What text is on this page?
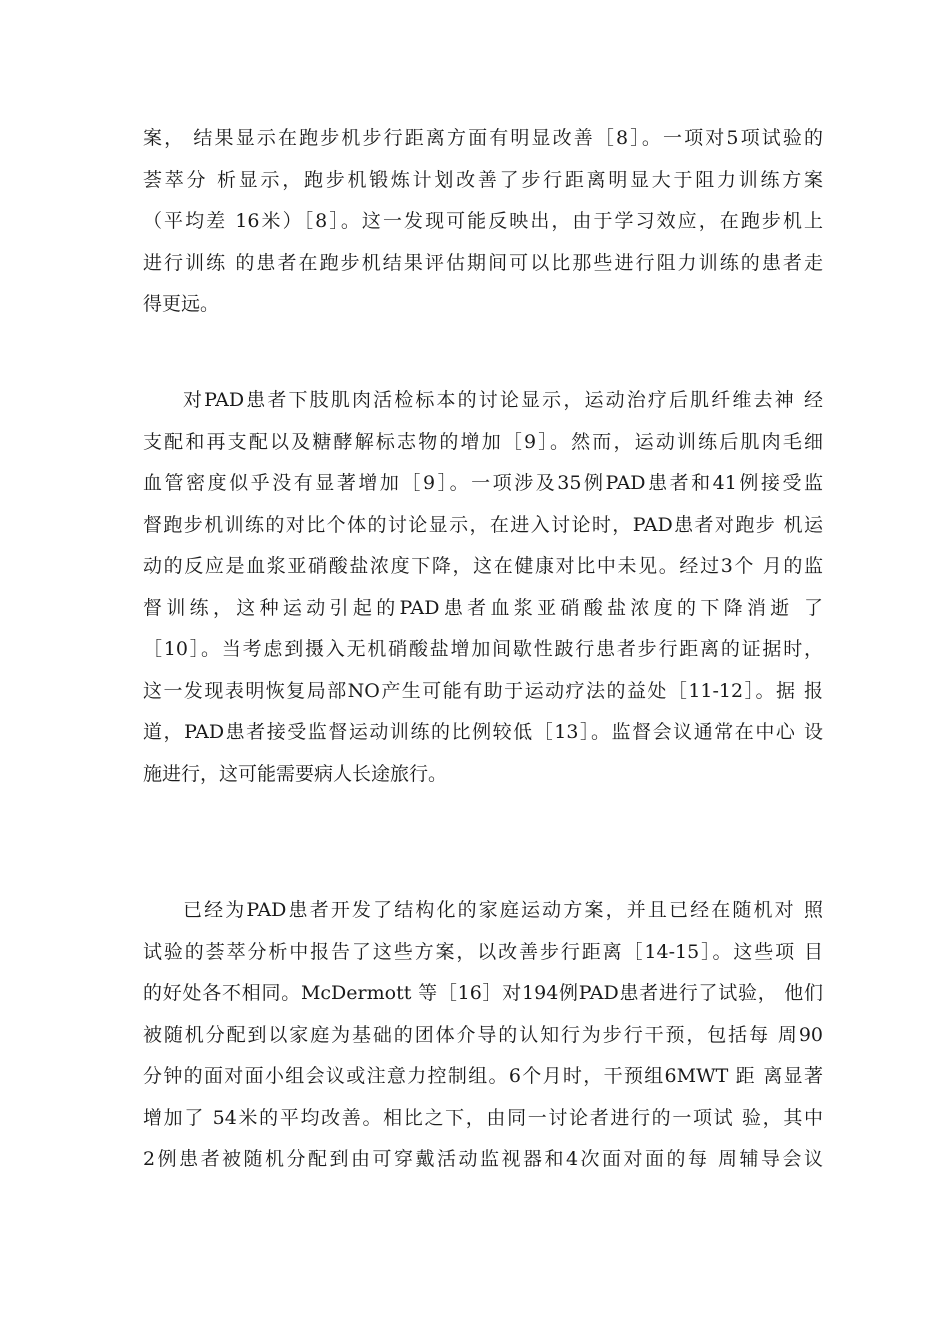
案， 结果显示在跑步机步行距离方面有明显改善［8］。一项对5项试验的
荟萃分 析显示，跑步机锻炼计划改善了步行距离明显大于阻力训练方案
（平均差 16米）［8］。这一发现可能反映出，由于学习效应，在跑步机上
进行训练 的患者在跑步机结果评估期间可以比那些进行阻力训练的患者走
得更远。
对PAD患者下肢肌肉活检标本的讨论显示，运动治疗后肌纤维去神 经
支配和再支配以及糖酵解标志物的增加［9］。然而，运动训练后肌肉毛细
血管密度似乎没有显著增加［9］。一项涉及35例PAD患者和41例接受监
督跑步机训练的对比个体的讨论显示，在进入讨论时，PAD患者对跑步 机运
动的反应是血浆亚硝酸盐浓度下降，这在健康对比中未见。经过3个 月的监
督训练，这种运动引起的PAD患者血浆亚硝酸盐浓度的下降消逝 了
［10］。当考虑到摄入无机硝酸盐增加间歇性跛行患者步行距离的证据时，
这一发现表明恢复局部NO产生可能有助于运动疗法的益处［11-12］。据 报
道，PAD患者接受监督运动训练的比例较低［13］。监督会议通常在中心 设
施进行，这可能需要病人长途旅行。
已经为PAD患者开发了结构化的家庭运动方案，并且已经在随机对 照
试验的荟萃分析中报告了这些方案，以改善步行距离［14-15］。这些项 目
的好处各不相同。McDermott 等［16］对194例PAD患者进行了试验， 他们
被随机分配到以家庭为基础的团体介导的认知行为步行干预，包括每 周90
分钟的面对面小组会议或注意力控制组。6个月时，干预组6MWT 距 离显著
增加了 54米的平均改善。相比之下，由同一讨论者进行的一项试 验，其中
2例患者被随机分配到由可穿戴活动监视器和4次面对面的每 周辅导会议
